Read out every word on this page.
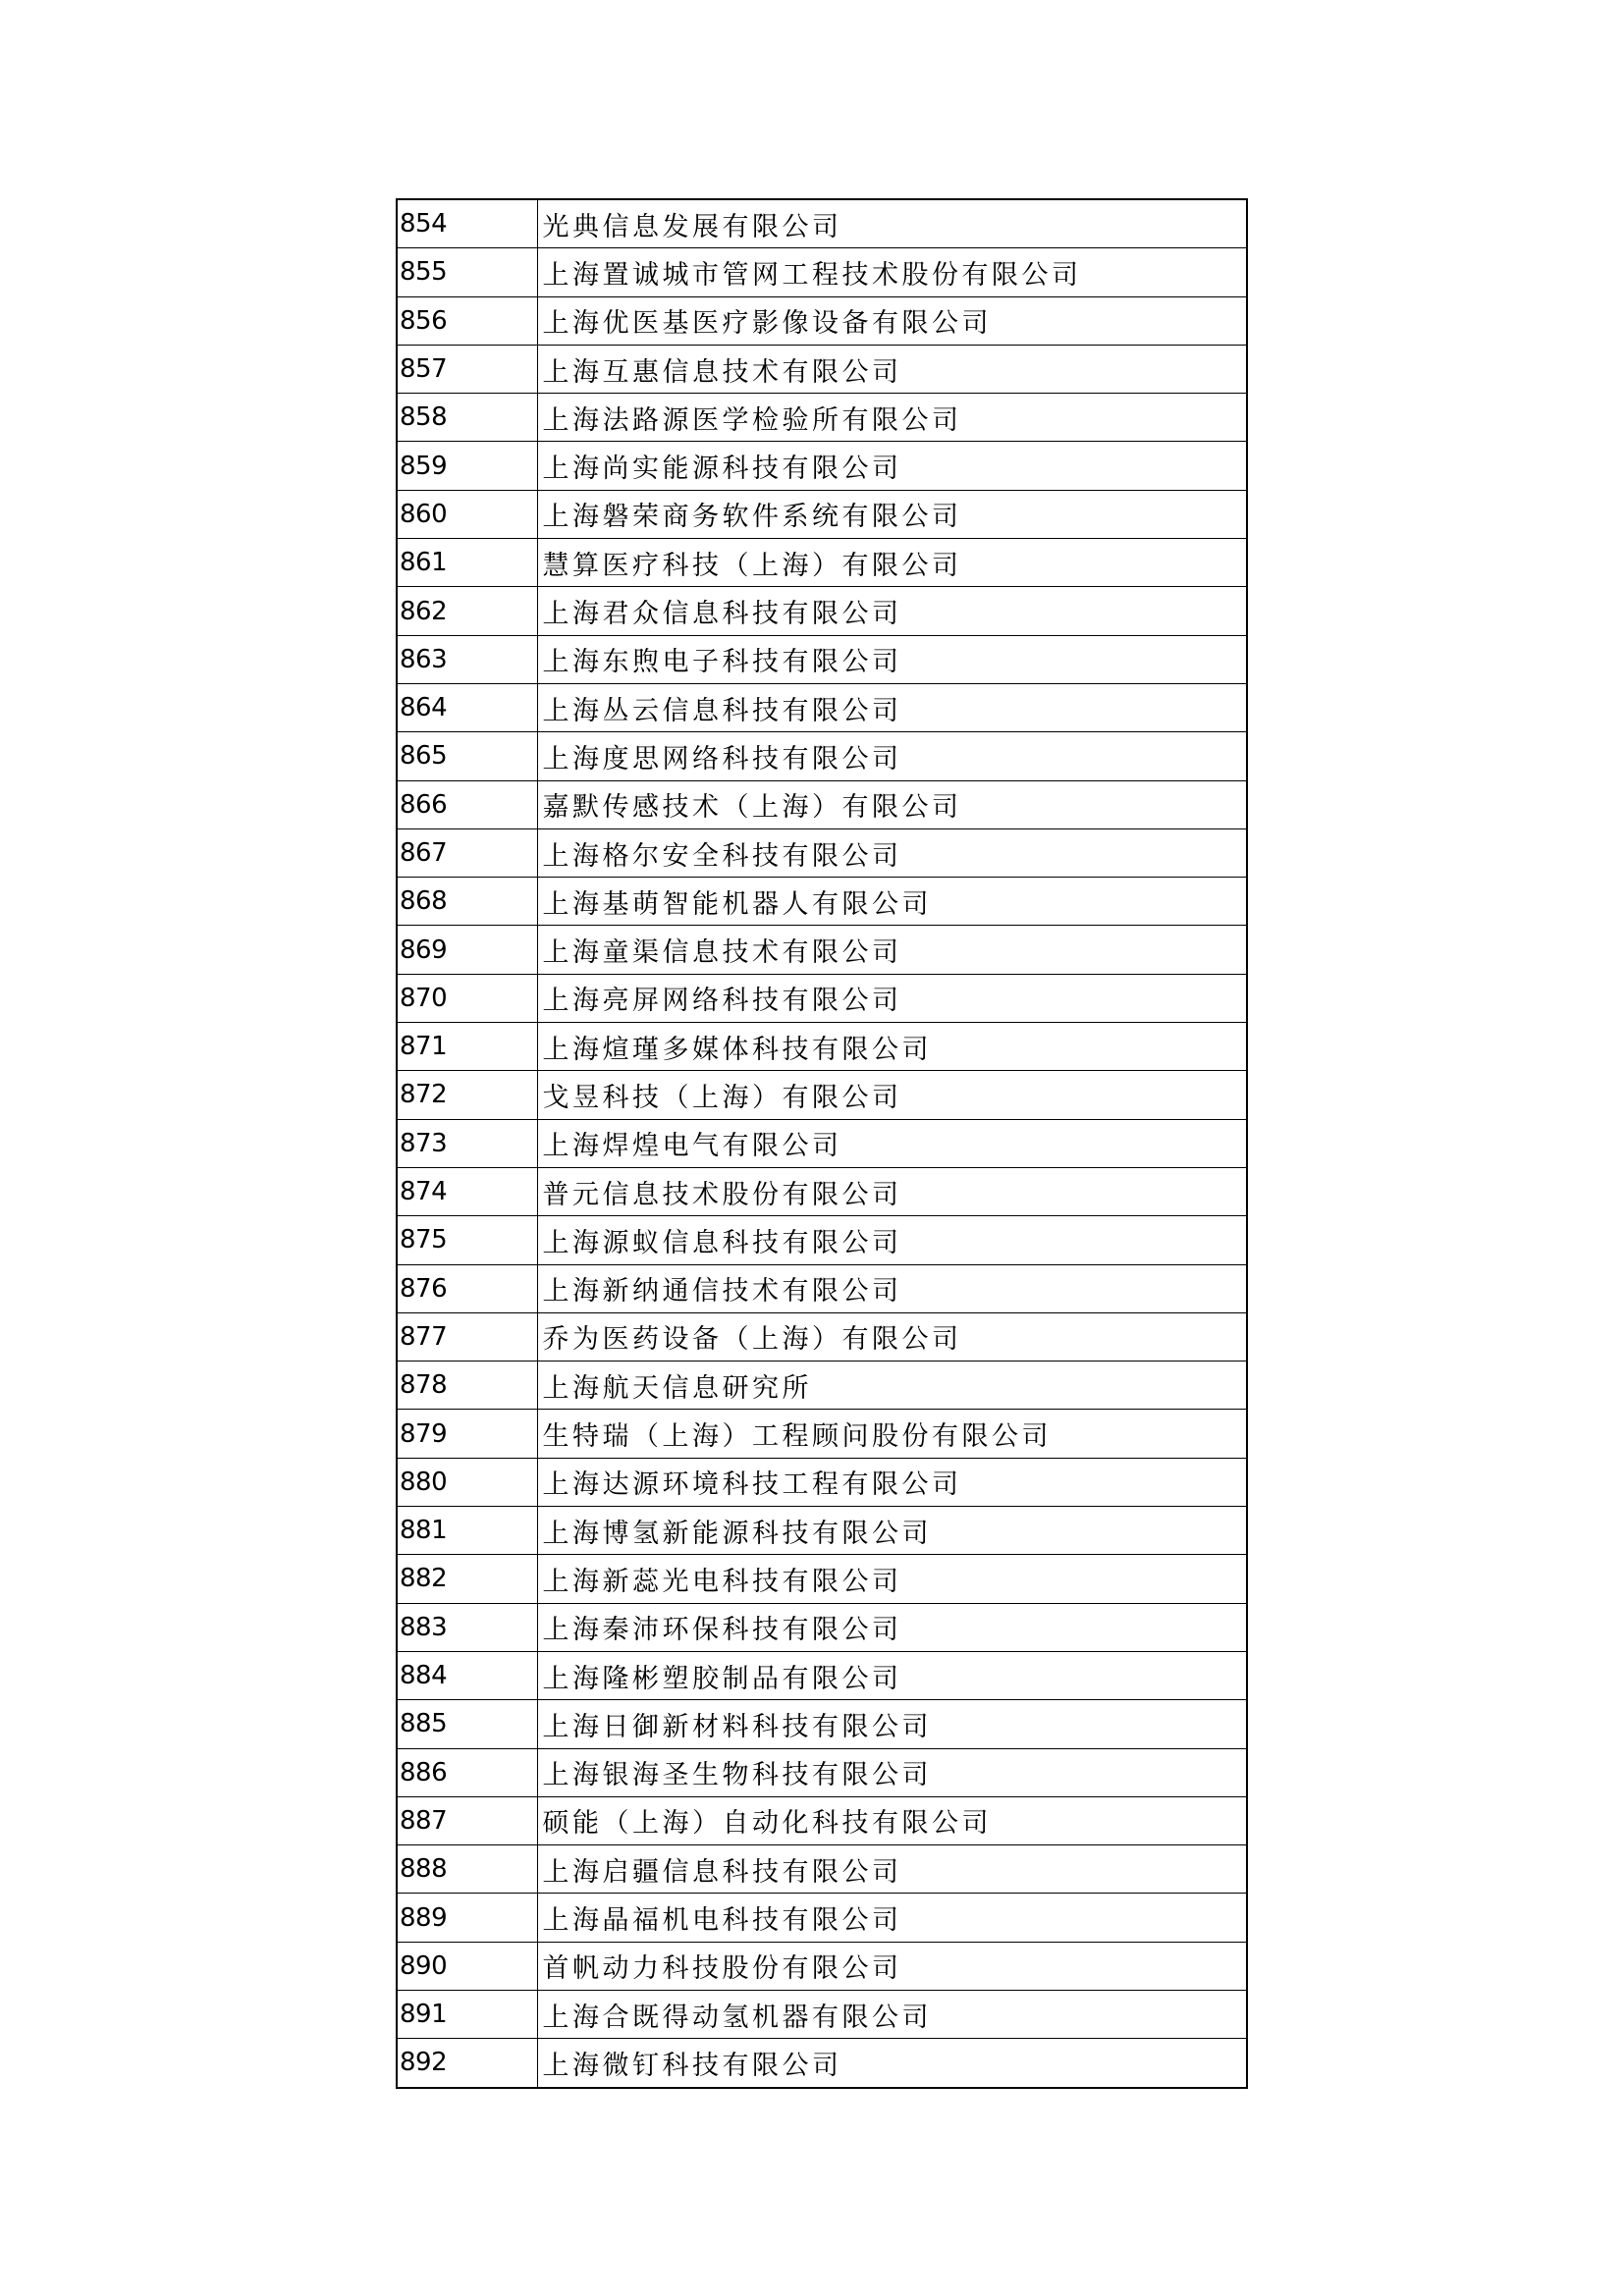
854	光典信息发展有限公司
855	上海置诚城市管网工程技术股份有限公司
856	上海优医基医疗影像设备有限公司
857	上海互惠信息技术有限公司
858	上海法路源医学检验所有限公司
859	上海尚实能源科技有限公司
860	上海磐荣商务软件系统有限公司
861	慧算医疗科技（上海）有限公司
862	上海君众信息科技有限公司
863	上海东煦电子科技有限公司
864	上海丛云信息科技有限公司
865	上海度思网络科技有限公司
866	嘉默传感技术（上海）有限公司
867	上海格尔安全科技有限公司
868	上海基萌智能机器人有限公司
869	上海童渠信息技术有限公司
870	上海亮屏网络科技有限公司
871	上海煊瑾多媒体科技有限公司
872	戈昱科技（上海）有限公司
873	上海焊煌电气有限公司
874	普元信息技术股份有限公司
875	上海源蚁信息科技有限公司
876	上海新纳通信技术有限公司
877	乔为医药设备（上海）有限公司
878	上海航天信息研究所
879	生特瑞（上海）工程顾问股份有限公司
880	上海达源环境科技工程有限公司
881	上海博氢新能源科技有限公司
882	上海新蕊光电科技有限公司
883	上海秦沛环保科技有限公司
884	上海隆彬塑胶制品有限公司
885	上海日御新材料科技有限公司
886	上海银海圣生物科技有限公司
887	硕能（上海）自动化科技有限公司
888	上海启疆信息科技有限公司
889	上海晶福机电科技有限公司
890	首帆动力科技股份有限公司
891	上海合既得动氢机器有限公司
892	上海微钉科技有限公司
